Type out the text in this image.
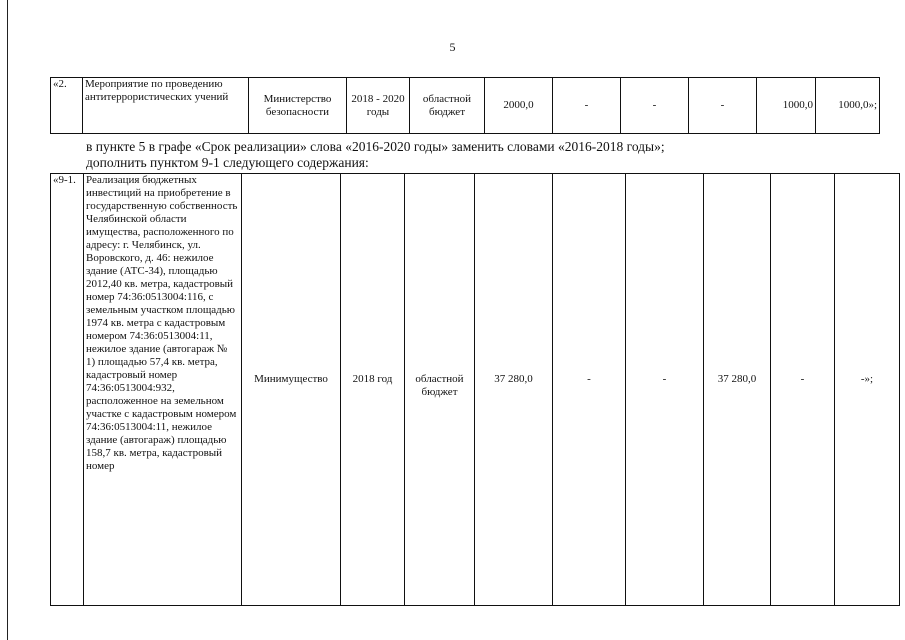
5
«2.	Мероприятие по проведению антитеррористических учений	Министерство безопасности	2018 - 2020 годы	областной бюджет	2000,0	-	-	-	1000,0	1000,0»;
в пункте 5 в графе «Срок реализации» слова «2016-2020 годы» заменить словами «2016-2018 годы»;
дополнить пунктом 9-1 следующего содержания:
«9-1.	Реализация бюджетных инвестиций на приобретение в государственную собственность Челябинской области имущества, расположенного по адресу: г. Челябинск, ул. Воровского, д. 46: нежилое здание (АТС-34), площадью 2012,40 кв. метра, кадастровый номер 74:36:0513004:116, с земельным участком площадью 1974 кв. метра с кадастровым номером 74:36:0513004:11, нежилое здание (автогараж № 1) площадью 57,4 кв. метра, кадастровый номер 74:36:0513004:932, расположенное на земельном участке с кадастровым номером 74:36:0513004:11, нежилое здание (автогараж) площадью 158,7 кв. метра, кадастровый номер	Минимущество	2018 год	областной бюджет	37 280,0	-	-	37 280,0	-	-»;
